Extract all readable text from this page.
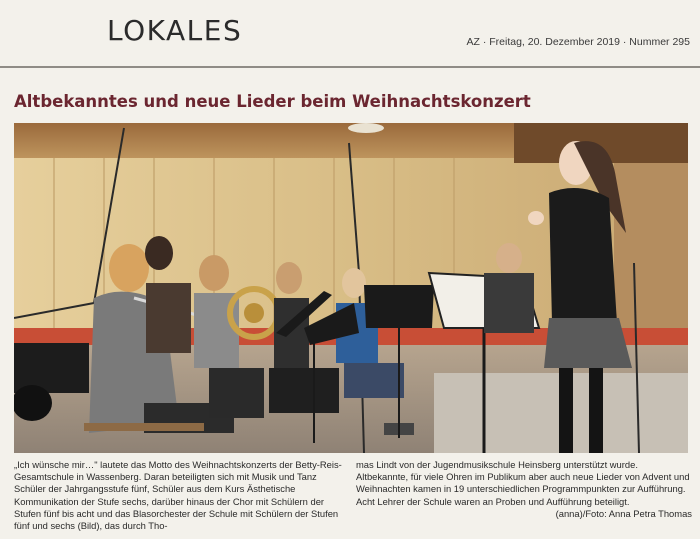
LOKALES	AZ · Freitag, 20. Dezember 2019 · Nummer 295
Altbekanntes und neue Lieder beim Weihnachtskonzert

„Ich wünsche mir…" lautete das Motto des Weihnachtskonzerts der Betty-Reis-Gesamtschule in Wassenberg. Daran beteiligten sich mit Musik und Tanz Schüler der Jahrgangsstufe fünf, Schüler aus dem Kurs Ästhetische Kommunikation der Stufe sechs, darüber hinaus der Chor mit Schülern der Stufen fünf bis acht und das Blasorchester der Schule mit Schülern der Stufen fünf und sechs (Bild), das durch Tho-

mas Lindt von der Jugendmusikschule Heinsberg unterstützt wurde. Altbekannte, für viele Ohren im Publikum aber auch neue Lieder von Advent und Weihnachten kamen in 19 unterschiedlichen Programmpunkten zur Aufführung. Acht Lehrer der Schule waren an Proben und Aufführung beteiligt.

(anna)/Foto: Anna Petra Thomas
